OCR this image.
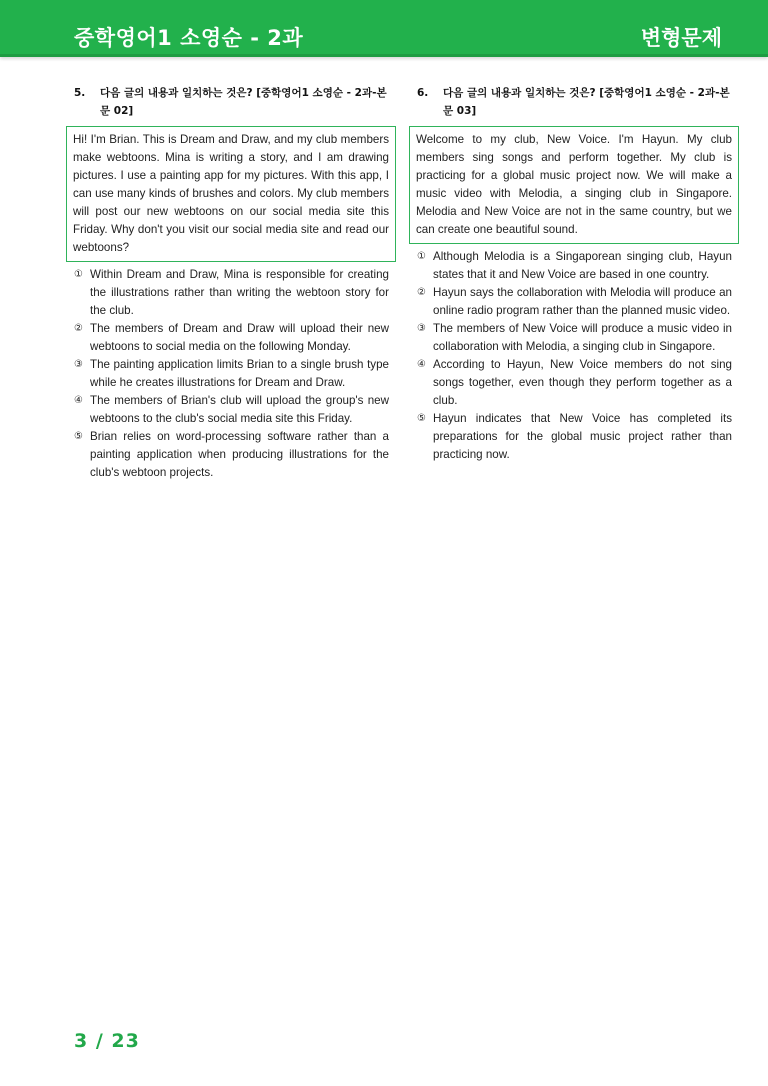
중학영어1 소영순 - 2과	변형문제
5.	다음 글의 내용과 일치하는 것은? [중학영어1 소영순 - 2과-본문 02]
Hi! I'm Brian. This is Dream and Draw, and my club members make webtoons. Mina is writing a story, and I am drawing pictures. I use a painting app for my pictures. With this app, I can use many kinds of brushes and colors. My club members will post our new webtoons on our social media site this Friday. Why don't you visit our social media site and read our webtoons?
① Within Dream and Draw, Mina is responsible for creating the illustrations rather than writing the webtoon story for the club.
② The members of Dream and Draw will upload their new webtoons to social media on the following Monday.
③ The painting application limits Brian to a single brush type while he creates illustrations for Dream and Draw.
④ The members of Brian's club will upload the group's new webtoons to the club's social media site this Friday.
⑤ Brian relies on word-processing software rather than a painting application when producing illustrations for the club's webtoon projects.
6.	다음 글의 내용과 일치하는 것은? [중학영어1 소영순 - 2과-본문 03]
Welcome to my club, New Voice. I'm Hayun. My club members sing songs and perform together. My club is practicing for a global music project now. We will make a music video with Melodia, a singing club in Singapore. Melodia and New Voice are not in the same country, but we can create one beautiful sound.
① Although Melodia is a Singaporean singing club, Hayun states that it and New Voice are based in one country.
② Hayun says the collaboration with Melodia will produce an online radio program rather than the planned music video.
③ The members of New Voice will produce a music video in collaboration with Melodia, a singing club in Singapore.
④ According to Hayun, New Voice members do not sing songs together, even though they perform together as a club.
⑤ Hayun indicates that New Voice has completed its preparations for the global music project rather than practicing now.
3 / 23
